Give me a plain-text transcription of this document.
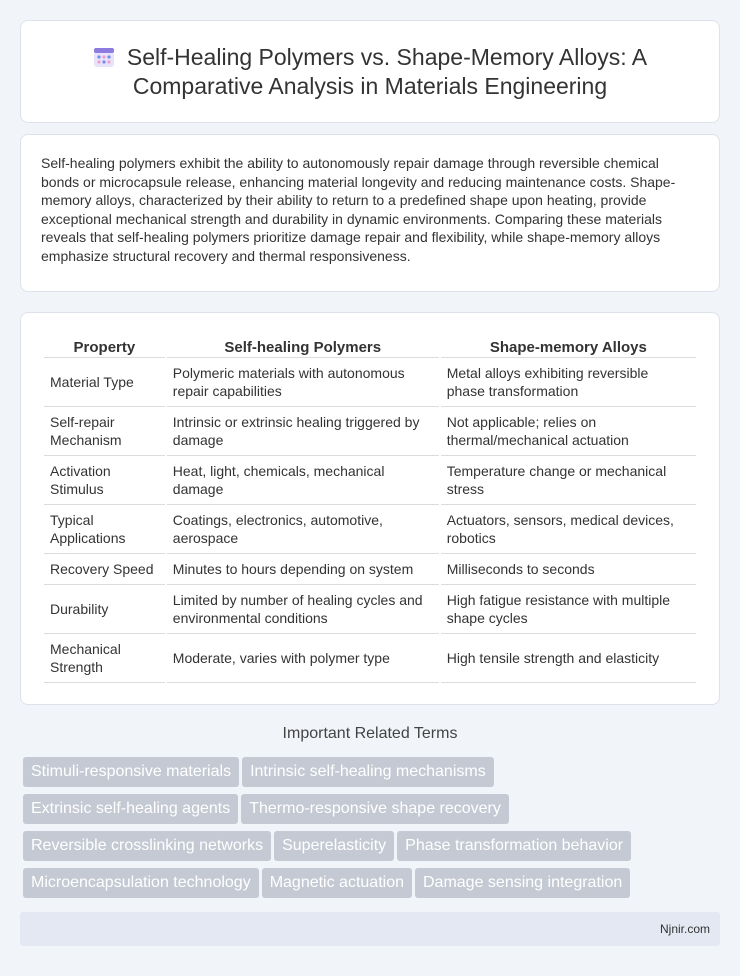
Self-Healing Polymers vs. Shape-Memory Alloys: A Comparative Analysis in Materials Engineering

Self-healing polymers exhibit the ability to autonomously repair damage through reversible chemical bonds or microcapsule release, enhancing material longevity and reducing maintenance costs. Shape-memory alloys, characterized by their ability to return to a predefined shape upon heating, provide exceptional mechanical strength and durability in dynamic environments. Comparing these materials reveals that self-healing polymers prioritize damage repair and flexibility, while shape-memory alloys emphasize structural recovery and thermal responsiveness.

Property	Self-healing Polymers	Shape-memory Alloys
Material Type	Polymeric materials with autonomous repair capabilities	Metal alloys exhibiting reversible phase transformation
Self-repair Mechanism	Intrinsic or extrinsic healing triggered by damage	Not applicable; relies on thermal/mechanical actuation
Activation Stimulus	Heat, light, chemicals, mechanical damage	Temperature change or mechanical stress
Typical Applications	Coatings, electronics, automotive, aerospace	Actuators, sensors, medical devices, robotics
Recovery Speed	Minutes to hours depending on system	Milliseconds to seconds
Durability	Limited by number of healing cycles and environmental conditions	High fatigue resistance with multiple shape cycles
Mechanical Strength	Moderate, varies with polymer type	High tensile strength and elasticity
Important Related Terms
Stimuli-responsive materials Intrinsic self-healing mechanisms
Extrinsic self-healing agents Thermo-responsive shape recovery
Reversible crosslinking networks Superelasticity Phase transformation behavior
Microencapsulation technology Magnetic actuation Damage sensing integration
Njnir.com
